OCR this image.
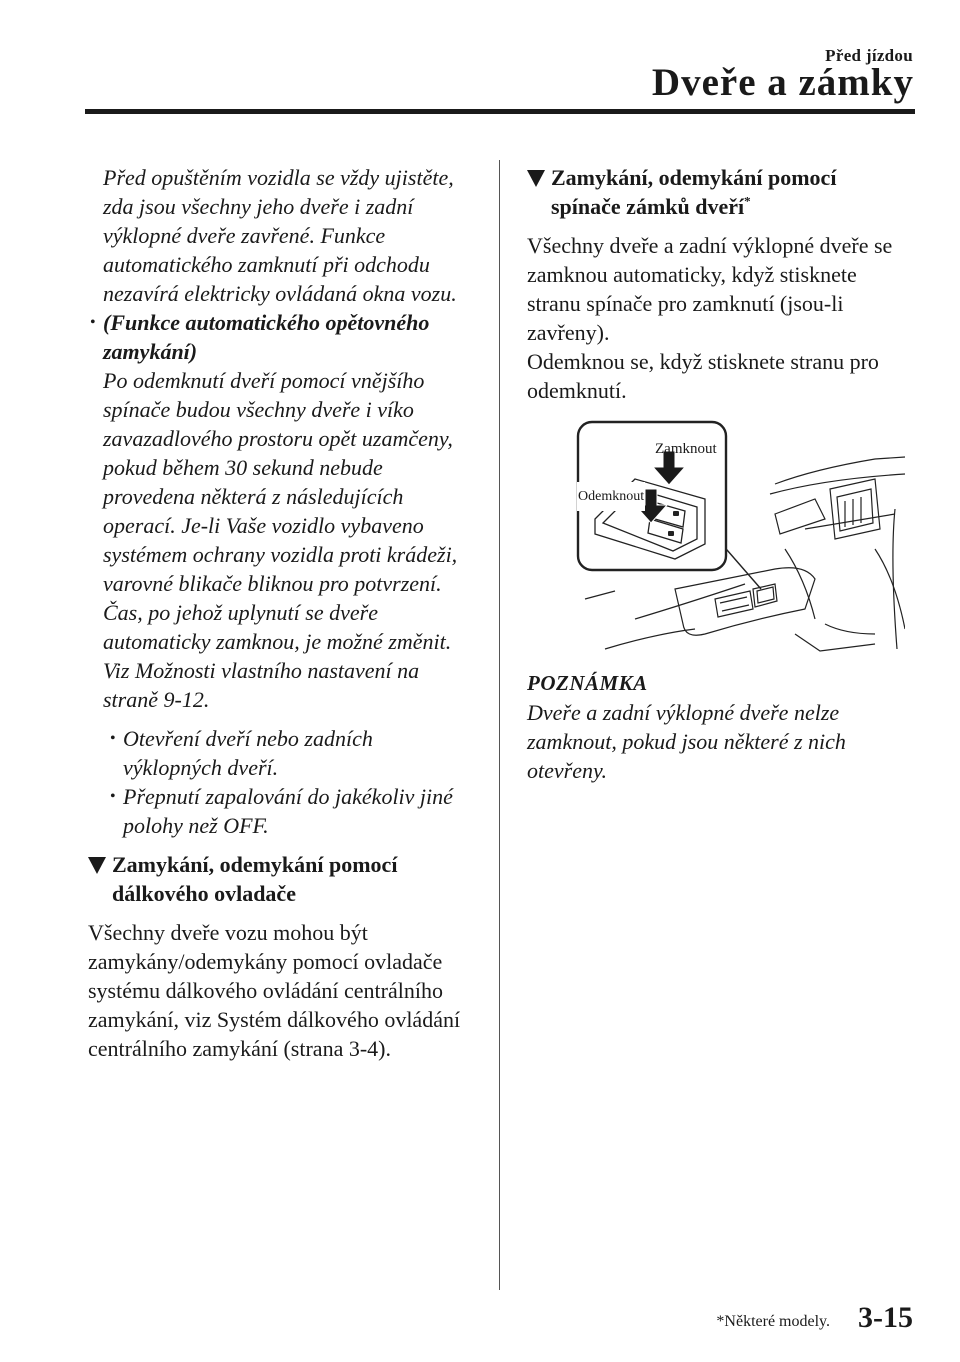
Před jízdou
Dveře a zámky
Před opuštěním vozidla se vždy ujistěte,
zda jsou všechny jeho dveře i zadní
výklopné dveře zavřené. Funkce
automatického zamknutí při odchodu
nezavírá elektricky ovládaná okna vozu.
• (Funkce automatického opětovného
zamykání)
Po odemknutí dveří pomocí vnějšího
spínače budou všechny dveře i víko
zavazadlového prostoru opět uzamčeny,
pokud během 30 sekund nebude
provedena některá z následujících
operací. Je-li Vaše vozidlo vybaveno
systémem ochrany vozidla proti krádeži,
varovné blikače bliknou pro potvrzení.
Čas, po jehož uplynutí se dveře
automaticky zamknou, je možné změnit.
Viz Možnosti vlastního nastavení na
straně 9-12.
• Otevření dveří nebo zadních
výklopných dveří.
• Přepnutí zapalování do jakékoliv jiné
polohy než OFF.
Zamykání, odemykání pomocí
dálkového ovladače
Všechny dveře vozu mohou být
zamykány/odemykány pomocí ovladače
systému dálkového ovládání centrálního
zamykání, viz Systém dálkového ovládání
centrálního zamykání (strana 3-4).
Zamykání, odemykání pomocí
spínače zámků dveří*
Všechny dveře a zadní výklopné dveře se
zamknou automaticky, když stisknete
stranu spínače pro zamknutí (jsou-li
zavřeny).
Odemknou se, když stisknete stranu pro
odemknutí.
Zamknout
Odemknout
POZNÁMKA
Dveře a zadní výklopné dveře nelze
zamknout, pokud jsou některé z nich
otevřeny.
*Některé modely. 3-15
